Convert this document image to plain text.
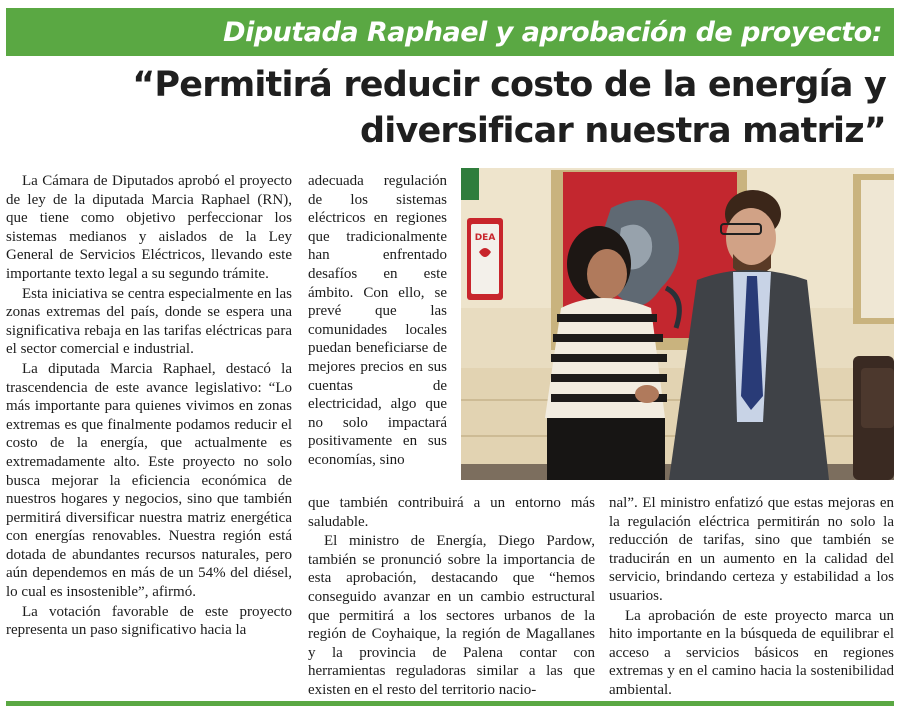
Diputada Raphael y aprobación de proyecto:
“Permitirá reducir costo de la energía y
diversificar nuestra matriz”

La Cámara de Diputados aprobó el proyecto de ley de la diputada Marcia Raphael (RN), que tiene como objetivo perfeccionar los sistemas medianos y aislados de la Ley General de Servicios Eléctricos, llevando este importante texto legal a su segundo trámite.

Esta iniciativa se centra especialmente en las zonas extremas del país, donde se espera una significativa rebaja en las tarifas eléctricas para el sector comercial e industrial.

La diputada Marcia Raphael, destacó la trascendencia de este avance legislativo: “Lo más importante para quienes vivimos en zonas extremas es que finalmente podamos reducir el costo de la energía, que actualmente es extremadamente alto. Este proyecto no solo busca mejorar la eficiencia económica de nuestros hogares y negocios, sino que también permitirá diversificar nuestra matriz energética con energías renovables. Nuestra región está dotada de abundantes recursos naturales, pero aún dependemos en más de un 54% del diésel, lo cual es insostenible”, afirmó.

La votación favorable de este proyecto representa un paso significativo hacia la

adecuada regulación de los sistemas eléctricos en regiones que tradicionalmente han enfrentado desafíos en este ámbito. Con ello, se prevé que las comunidades locales puedan beneficiarse de mejores precios en sus cuentas de electricidad, algo que no solo impactará positivamente en sus economías, sino

DEA

que también contribuirá a un entorno más saludable.

El ministro de Energía, Diego Pardow, también se pronunció sobre la importancia de esta aprobación, destacando que “hemos conseguido avanzar en un cambio estructural que permitirá a los sectores urbanos de la región de Coyhaique, la región de Magallanes y la provincia de Palena contar con herramientas reguladoras similar a las que existen en el resto del territorio nacio-

nal”. El ministro enfatizó que estas mejoras en la regulación eléctrica permitirán no solo la reducción de tarifas, sino que también se traducirán en un aumento en la calidad del servicio, brindando certeza y estabilidad a los usuarios.

La aprobación de este proyecto marca un hito importante en la búsqueda de equilibrar el acceso a servicios básicos en regiones extremas y en el camino hacia la sostenibilidad ambiental.
